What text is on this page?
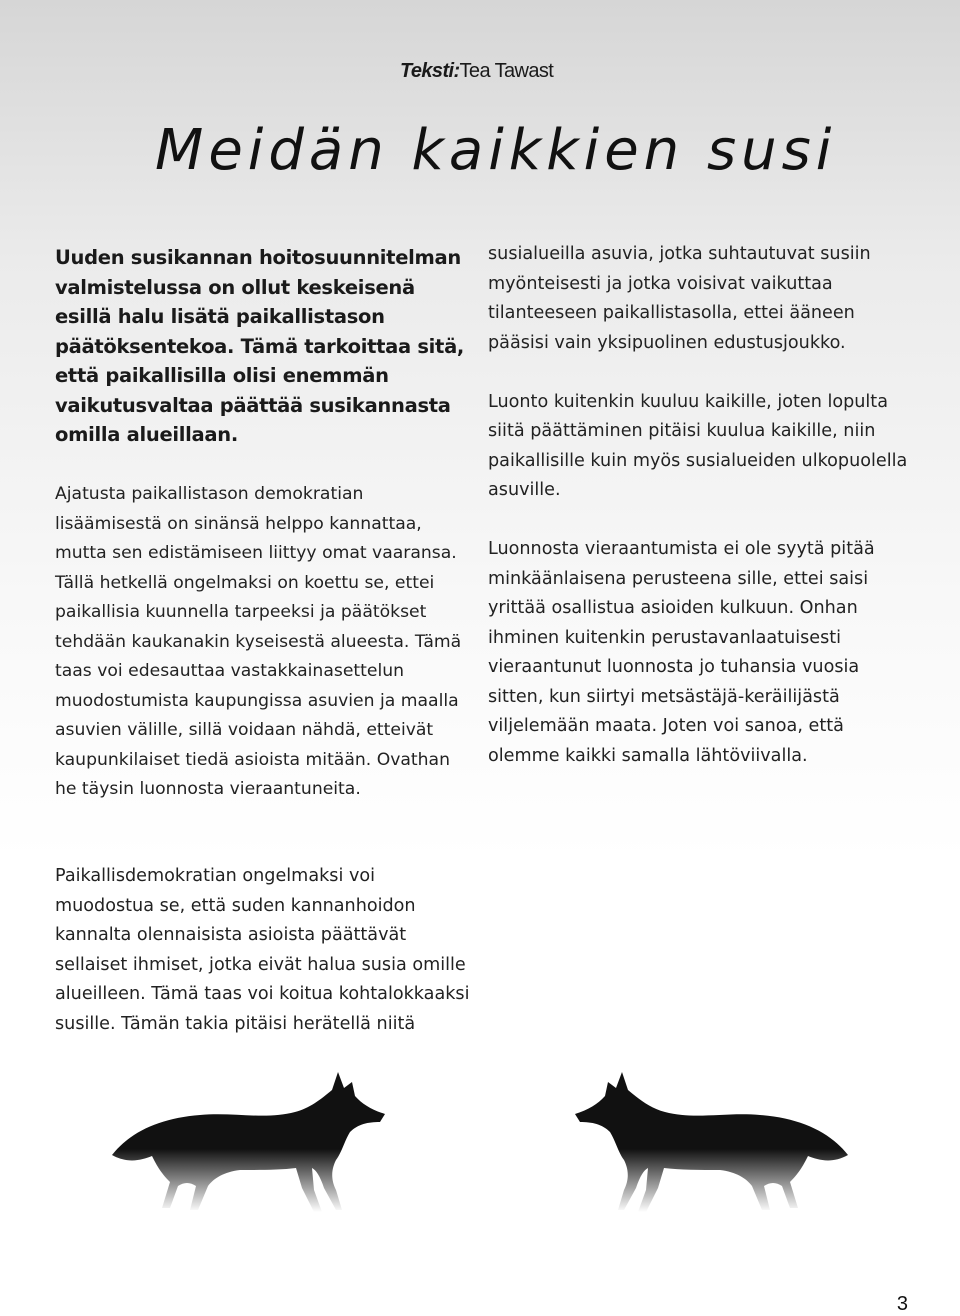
Teksti:Tea Tawast
Meidän kaikkien susi

Uuden susikannan hoitosuunnitelman valmistelussa on ollut keskeisenä esillä halu lisätä paikallistason päätöksentekoa. Tämä tarkoittaa sitä, että paikallisilla olisi enemmän vaikutusvaltaa päättää susikannasta omilla alueillaan.

Ajatusta paikallistason demokratian lisäämisestä on sinänsä helppo kannattaa, mutta sen edistämiseen liittyy omat vaaransa. Tällä hetkellä ongelmaksi on koettu se, ettei paikallisia kuunnella tarpeeksi ja päätökset tehdään kaukanakin kyseisestä alueesta. Tämä taas voi edesauttaa vastakkainasettelun muodostumista kaupungissa asuvien ja maalla asuvien välille, sillä voidaan nähdä, etteivät kaupunkilaiset tiedä asioista mitään. Ovathan he täysin luonnosta vieraantuneita.

Paikallisdemokratian ongelmaksi voi muodostua se, että suden kannanhoidon kannalta olennaisista asioista päättävät sellaiset ihmiset, jotka eivät halua susia omille alueilleen. Tämä taas voi koitua kohtalokkaaksi susille. Tämän takia pitäisi herätellä niitä

susialueilla asuvia, jotka suhtautuvat susiin myönteisesti ja jotka voisivat vaikuttaa tilanteeseen paikallistasolla, ettei ääneen pääsisi vain yksipuolinen edustusjoukko.

Luonto kuitenkin kuuluu kaikille, joten lopulta siitä päättäminen pitäisi kuulua kaikille, niin paikallisille kuin myös susialueiden ulkopuolella asuville.

Luonnosta vieraantumista ei ole syytä pitää minkäänlaisena perusteena sille, ettei saisi yrittää osallistua asioiden kulkuun. Onhan ihminen kuitenkin perustavanlaatuisesti vieraantunut luonnosta jo tuhansia vuosia sitten, kun siirtyi metsästäjä-keräilijästä viljelemään maata. Joten voi sanoa, että olemme kaikki samalla lähtöviivalla.

3
